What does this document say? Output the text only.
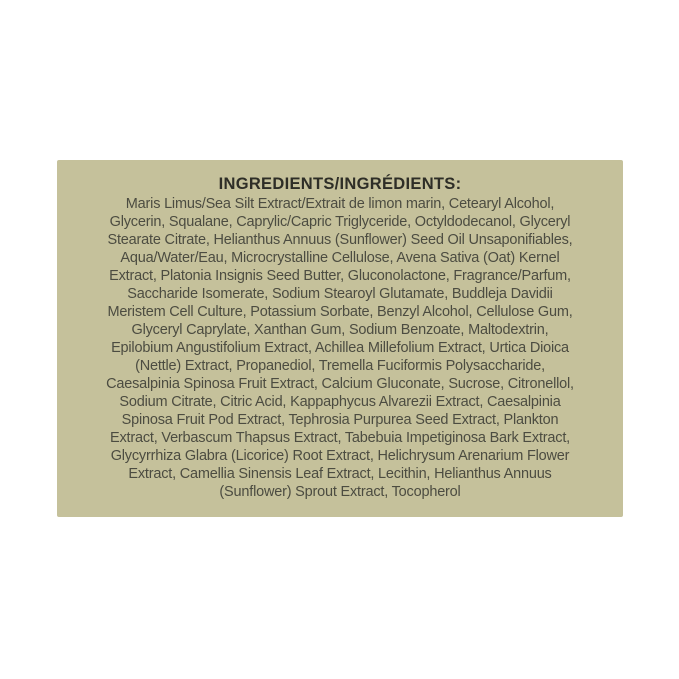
INGREDIENTS/INGRÉDIENTS:
Maris Limus/Sea Silt Extract/Extrait de limon marin, Cetearyl Alcohol,
Glycerin, Squalane, Caprylic/Capric Triglyceride, Octyldodecanol, Glyceryl
Stearate Citrate, Helianthus Annuus (Sunflower) Seed Oil Unsaponifiables,
Aqua/Water/Eau, Microcrystalline Cellulose, Avena Sativa (Oat) Kernel
Extract, Platonia Insignis Seed Butter, Gluconolactone, Fragrance/Parfum,
Saccharide Isomerate, Sodium Stearoyl Glutamate, Buddleja Davidii
Meristem Cell Culture, Potassium Sorbate, Benzyl Alcohol, Cellulose Gum,
Glyceryl Caprylate, Xanthan Gum, Sodium Benzoate, Maltodextrin,
Epilobium Angustifolium Extract, Achillea Millefolium Extract, Urtica Dioica
(Nettle) Extract, Propanediol, Tremella Fuciformis Polysaccharide,
Caesalpinia Spinosa Fruit Extract, Calcium Gluconate, Sucrose, Citronellol,
Sodium Citrate, Citric Acid, Kappaphycus Alvarezii Extract, Caesalpinia
Spinosa Fruit Pod Extract, Tephrosia Purpurea Seed Extract, Plankton
Extract, Verbascum Thapsus Extract, Tabebuia Impetiginosa Bark Extract,
Glycyrrhiza Glabra (Licorice) Root Extract, Helichrysum Arenarium Flower
Extract, Camellia Sinensis Leaf Extract, Lecithin, Helianthus Annuus
(Sunflower) Sprout Extract, Tocopherol
